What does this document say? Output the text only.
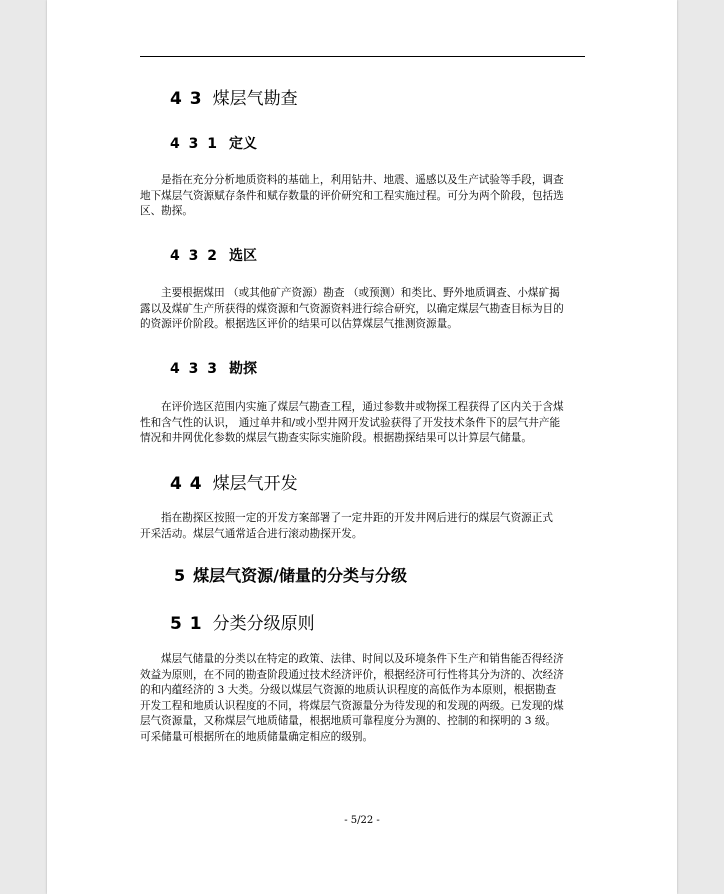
4 3 煤层气勘查
4 3 1 定义

是指在充分分析地质资料的基础上，利用钻井、地震、遥感以及生产试验等手段，调查
地下煤层气资源赋存条件和赋存数量的评价研究和工程实施过程。可分为两个阶段，包括选
区、勘探。

4 3 2 选区

主要根据煤田 （或其他矿产资源）勘查 （或预测）和类比、野外地质调查、小煤矿揭
露以及煤矿生产所获得的煤资源和气资源资料进行综合研究，以确定煤层气勘查目标为目的
的资源评价阶段。根据选区评价的结果可以估算煤层气推测资源量。

4 3 3 勘探

在评价选区范围内实施了煤层气勘查工程，通过参数井或物探工程获得了区内关于含煤
性和含气性的认识， 通过单井和/或小型井网开发试验获得了开发技术条件下的层气井产能
情况和井网优化参数的煤层气勘查实际实施阶段。根据勘探结果可以计算层气储量。

4 4 煤层气开发

指在勘探区按照一定的开发方案部署了一定井距的开发井网后进行的煤层气资源正式
开采活动。煤层气通常适合进行滚动勘探开发。

5 煤层气资源/储量的分类与分级
5 1 分类分级原则

煤层气储量的分类以在特定的政策、法律、时间以及环境条件下生产和销售能否得经济
效益为原则，在不同的勘查阶段通过技术经济评价，根据经济可行性将其分为济的、次经济
的和内蕴经济的 3 大类。分级以煤层气资源的地质认识程度的高低作为本原则，根据勘查
开发工程和地质认识程度的不同，将煤层气资源量分为待发现的和发现的两级。已发现的煤
层气资源量，又称煤层气地质储量，根据地质可靠程度分为测的、控制的和探明的 3 级。
可采储量可根据所在的地质储量确定相应的级别。

- 5/22 -
